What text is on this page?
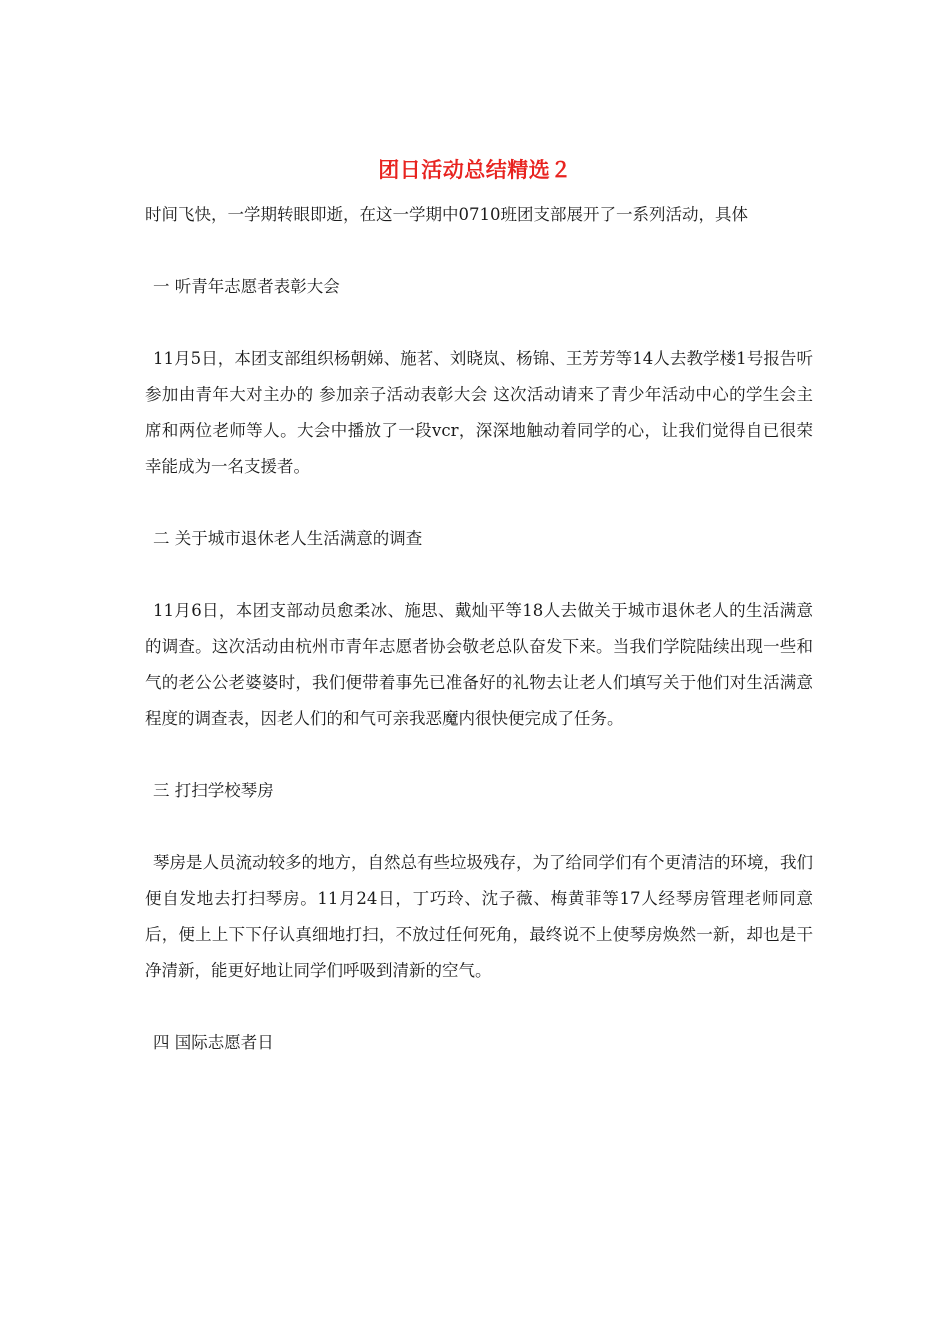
团日活动总结精选２

时间飞快，一学期转眼即逝，在这一学期中0710班团支部展开了一系列活动，具体

一 听青年志愿者表彰大会

11月5日，本团支部组织杨朝娣、施茗、刘晓岚、杨锦、王芳芳等14人去教学楼1号报告听参加由青年大对主办的 参加亲子活动表彰大会 这次活动请来了青少年活动中心的学生会主席和两位老师等人。大会中播放了一段vcr，深深地触动着同学的心，让我们觉得自已很荣幸能成为一名支援者。

二 关于城市退休老人生活满意的调查

11月6日，本团支部动员愈柔冰、施思、戴灿平等18人去做关于城市退休老人的生活满意的调查。这次活动由杭州市青年志愿者协会敬老总队奋发下来。当我们学院陆续出现一些和气的老公公老婆婆时，我们便带着事先已准备好的礼物去让老人们填写关于他们对生活满意程度的调查表，因老人们的和气可亲我恶魔内很快便完成了任务。

三 打扫学校琴房

琴房是人员流动较多的地方，自然总有些垃圾残存，为了给同学们有个更清洁的环境，我们便自发地去打扫琴房。11月24日，丁巧玲、沈子薇、梅黄菲等17人经琴房管理老师同意后，便上上下下仔认真细地打扫，不放过任何死角，最终说不上使琴房焕然一新，却也是干净清新，能更好地让同学们呼吸到清新的空气。

四 国际志愿者日
